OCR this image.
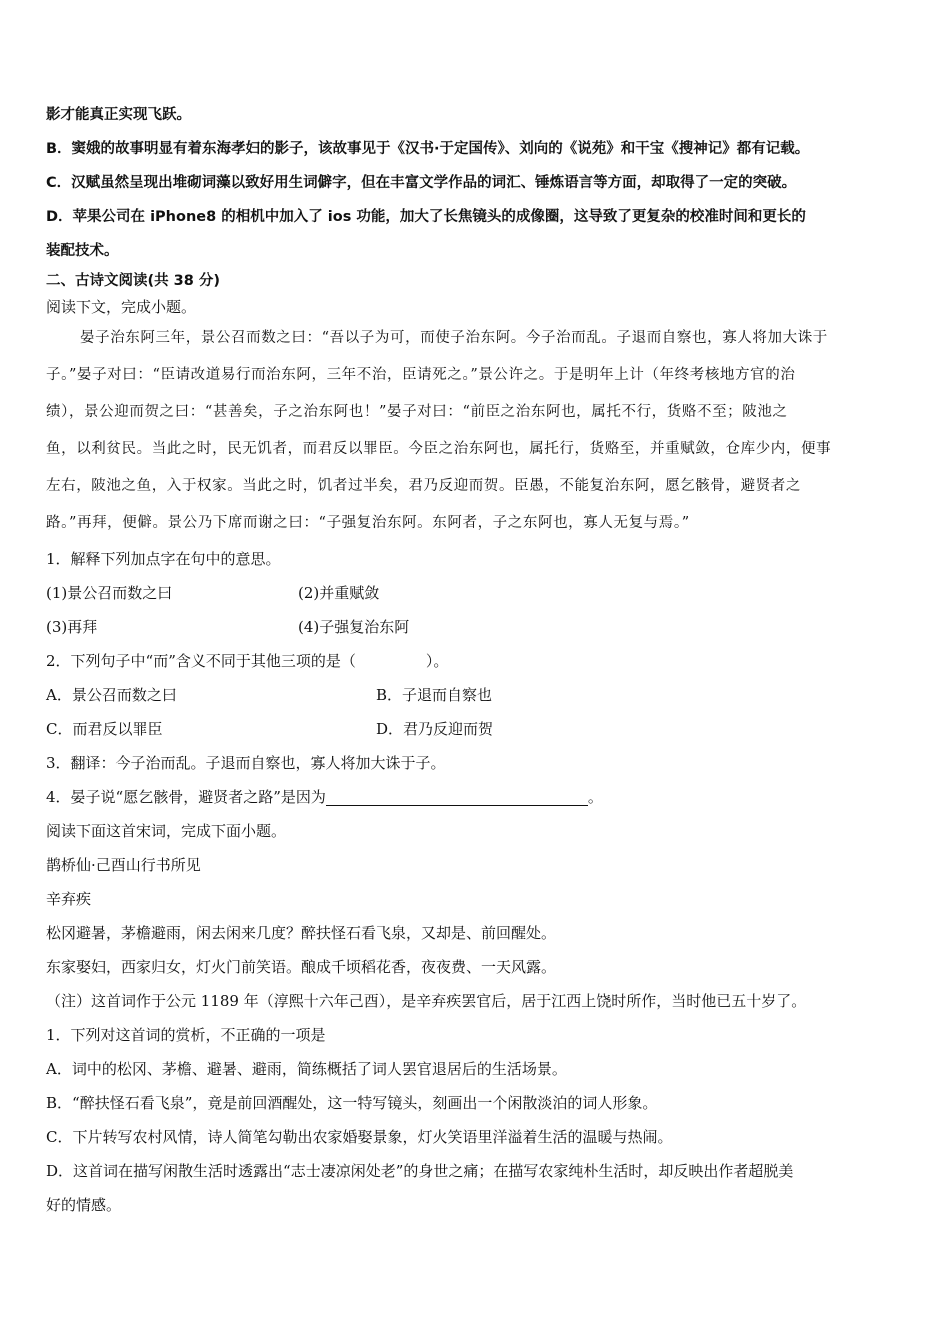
影才能真正实现飞跃。
B．窦娥的故事明显有着东海孝妇的影子，该故事见于《汉书·于定国传》、刘向的《说苑》和干宝《搜神记》都有记载。
C．汉赋虽然呈现出堆砌词藻以致好用生词僻字，但在丰富文学作品的词汇、锤炼语言等方面，却取得了一定的突破。
D．苹果公司在 iPhone8 的相机中加入了 ios 功能，加大了长焦镜头的成像圈，这导致了更复杂的校准时间和更长的
装配技术。
二、古诗文阅读(共 38 分)
阅读下文，完成小题。
晏子治东阿三年，景公召而数之曰：“吾以子为可，而使子治东阿。今子治而乱。子退而自察也，寡人将加大诛于
子。”晏子对曰：“臣请改道易行而治东阿，三年不治，臣请死之。”景公许之。于是明年上计（年终考核地方官的治
绩），景公迎而贺之曰：“甚善矣，子之治东阿也！”晏子对曰：“前臣之治东阿也，属托不行，货赂不至；陂池之
鱼，以利贫民。当此之时，民无饥者，而君反以罪臣。今臣之治东阿也，属托行，货赂至，并重赋敛，仓库少内，便事
左右，陂池之鱼，入于权家。当此之时，饥者过半矣，君乃反迎而贺。臣愚，不能复治东阿，愿乞骸骨，避贤者之
路。”再拜，便僻。景公乃下席而谢之曰：“子强复治东阿。东阿者，子之东阿也，寡人无复与焉。”
1．解释下列加点字在句中的意思。
(1)景公召而数之曰	(2)并重赋敛
(3)再拜	(4)子强复治东阿
2．下列句子中“而”含义不同于其他三项的是（	）。
A．景公召而数之曰	B．子退而自察也
C．而君反以罪臣	D．君乃反迎而贺
3．翻译：今子治而乱。子退而自察也，寡人将加大诛于子。
4．晏子说“愿乞骸骨，避贤者之路”是因为	。
阅读下面这首宋词，完成下面小题。
鹊桥仙·己酉山行书所见
辛弃疾
松冈避暑，茅檐避雨，闲去闲来几度？醉扶怪石看飞泉，又却是、前回醒处。
东家娶妇，西家归女，灯火门前笑语。酿成千顷稻花香，夜夜费、一天风露。
（注）这首词作于公元 1189 年（淳熙十六年己酉），是辛弃疾罢官后，居于江西上饶时所作，当时他已五十岁了。
1．下列对这首词的赏析，不正确的一项是
A．词中的松冈、茅檐、避暑、避雨，简练概括了词人罢官退居后的生活场景。
B．“醉扶怪石看飞泉”，竟是前回酒醒处，这一特写镜头，刻画出一个闲散淡泊的词人形象。
C．下片转写农村风情，诗人简笔勾勒出农家婚娶景象，灯火笑语里洋溢着生活的温暖与热闹。
D．这首词在描写闲散生活时透露出“志士凄凉闲处老”的身世之痛；在描写农家纯朴生活时，却反映出作者超脱美
好的情感。
